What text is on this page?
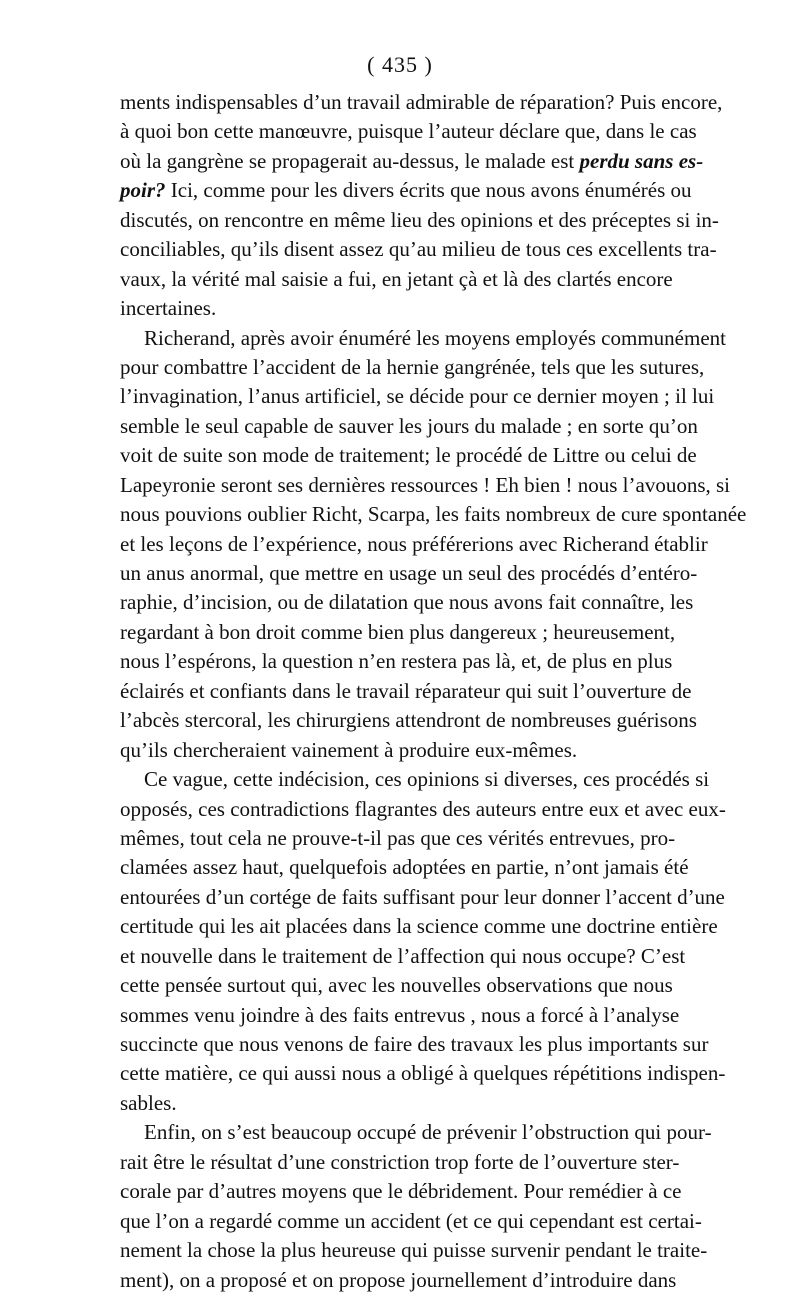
( 435 )
ments indispensables d’un travail admirable de réparation? Puis encore,
à quoi bon cette manœuvre, puisque l’auteur déclare que, dans le cas
où la gangrène se propagerait au-dessus, le malade est perdu sans es-
poir? Ici, comme pour les divers écrits que nous avons énumérés ou
discutés, on rencontre en même lieu des opinions et des préceptes si in-
conciliables, qu’ils disent assez qu’au milieu de tous ces excellents tra-
vaux, la vérité mal saisie a fui, en jetant çà et là des clartés encore
incertaines.
Richerand, après avoir énuméré les moyens employés communément
pour combattre l’accident de la hernie gangrénée, tels que les sutures,
l’invagination, l’anus artificiel, se décide pour ce dernier moyen ; il lui
semble le seul capable de sauver les jours du malade ; en sorte qu’on
voit de suite son mode de traitement; le procédé de Littre ou celui de
Lapeyronie seront ses dernières ressources ! Eh bien ! nous l’avouons, si
nous pouvions oublier Richt, Scarpa, les faits nombreux de cure spontanée
et les leçons de l’expérience, nous préférerions avec Richerand établir
un anus anormal, que mettre en usage un seul des procédés d’entéro-
raphie, d’incision, ou de dilatation que nous avons fait connaître, les
regardant à bon droit comme bien plus dangereux ; heureusement,
nous l’espérons, la question n’en restera pas là, et, de plus en plus
éclairés et confiants dans le travail réparateur qui suit l’ouverture de
l’abcès stercoral, les chirurgiens attendront de nombreuses guérisons
qu’ils chercheraient vainement à produire eux-mêmes.
Ce vague, cette indécision, ces opinions si diverses, ces procédés si
opposés, ces contradictions flagrantes des auteurs entre eux et avec eux-
mêmes, tout cela ne prouve-t-il pas que ces vérités entrevues, pro-
clamées assez haut, quelquefois adoptées en partie, n’ont jamais été
entourées d’un cortége de faits suffisant pour leur donner l’accent d’une
certitude qui les ait placées dans la science comme une doctrine entière
et nouvelle dans le traitement de l’affection qui nous occupe? C’est
cette pensée surtout qui, avec les nouvelles observations que nous
sommes venu joindre à des faits entrevus , nous a forcé à l’analyse
succincte que nous venons de faire des travaux les plus importants sur
cette matière, ce qui aussi nous a obligé à quelques répétitions indispen-
sables.
Enfin, on s’est beaucoup occupé de prévenir l’obstruction qui pour-
rait être le résultat d’une constriction trop forte de l’ouverture ster-
corale par d’autres moyens que le débridement. Pour remédier à ce
que l’on a regardé comme un accident (et ce qui cependant est certai-
nement la chose la plus heureuse qui puisse survenir pendant le traite-
ment), on a proposé et on propose journellement d’introduire dans
